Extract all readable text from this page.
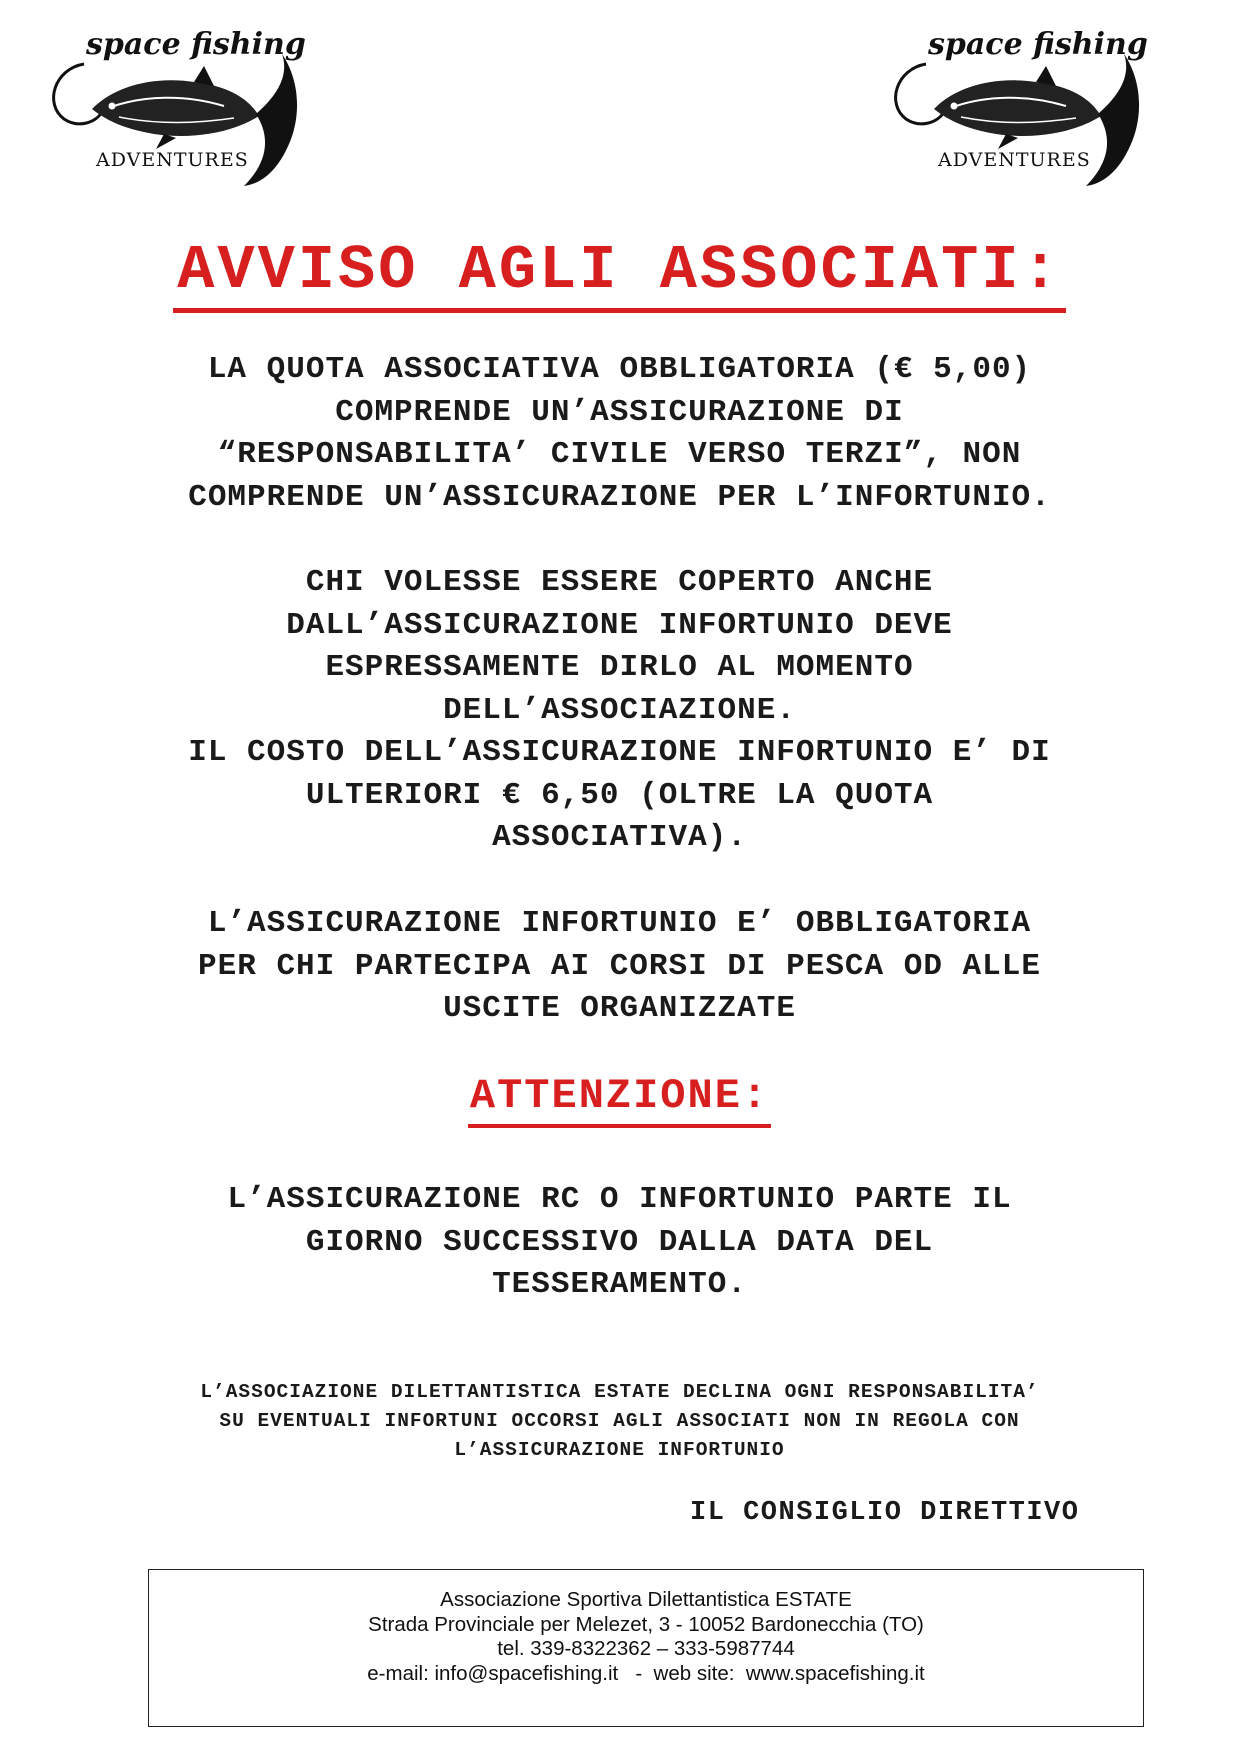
space fishing
ADVENTURES
space fishing
ADVENTURES
AVVISO AGLI ASSOCIATI:
LA QUOTA ASSOCIATIVA OBBLIGATORIA (€ 5,00)
COMPRENDE UN’ASSICURAZIONE DI
“RESPONSABILITA’ CIVILE VERSO TERZI”, NON
COMPRENDE UN’ASSICURAZIONE PER L’INFORTUNIO.
CHI VOLESSE ESSERE COPERTO ANCHE
DALL’ASSICURAZIONE INFORTUNIO DEVE
ESPRESSAMENTE DIRLO AL MOMENTO
DELL’ASSOCIAZIONE.
IL COSTO DELL’ASSICURAZIONE INFORTUNIO E’ DI
ULTERIORI € 6,50 (OLTRE LA QUOTA
ASSOCIATIVA).
L’ASSICURAZIONE INFORTUNIO E’ OBBLIGATORIA
PER CHI PARTECIPA AI CORSI DI PESCA OD ALLE
USCITE ORGANIZZATE
ATTENZIONE:
L’ASSICURAZIONE RC O INFORTUNIO PARTE IL
GIORNO SUCCESSIVO DALLA DATA DEL
TESSERAMENTO.
L’ASSOCIAZIONE DILETTANTISTICA ESTATE DECLINA OGNI RESPONSABILITA’
SU EVENTUALI INFORTUNI OCCORSI AGLI ASSOCIATI NON IN REGOLA CON
L’ASSICURAZIONE INFORTUNIO
IL CONSIGLIO DIRETTIVO
Associazione Sportiva Dilettantistica ESTATE
Strada Provinciale per Melezet, 3 - 10052 Bardonecchia (TO)
tel. 339-8322362 – 333-5987744
e-mail: info@spacefishing.it   -  web site:  www.spacefishing.it
